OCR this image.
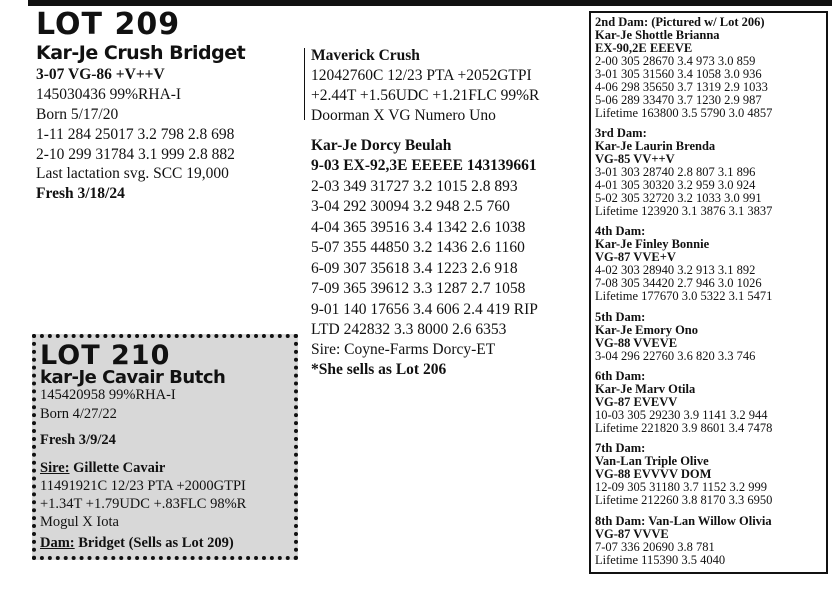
LOT 209
Kar-Je Crush Bridget
3-07 VG-86 +V++V
145030436 99%RHA-I
Born 5/17/20
1-11 284 25017 3.2 798 2.8 698
2-10 299 31784 3.1 999 2.8 882
Last lactation svg. SCC 19,000
Fresh 3/18/24
Maverick Crush
12042760C 12/23 PTA +2052GTPI
+2.44T +1.56UDC +1.21FLC 99%R
Doorman X VG Numero Uno
Kar-Je Dorcy Beulah
9-03 EX-92,3E EEEEE 143139661
2-03 349 31727 3.2 1015 2.8 893
3-04 292 30094 3.2 948 2.5 760
4-04 365 39516 3.4 1342 2.6 1038
5-07 355 44850 3.2 1436 2.6 1160
6-09 307 35618 3.4 1223 2.6 918
7-09 365 39612 3.3 1287 2.7 1058
9-01 140 17656 3.4 606 2.4 419 RIP
LTD 242832 3.3 8000 2.6 6353
Sire: Coyne-Farms Dorcy-ET
*She sells as Lot 206
LOT 210
kar-Je Cavair Butch
145420958 99%RHA-I
Born 4/27/22
Fresh 3/9/24
Sire: Gillette Cavair
11491921C 12/23 PTA +2000GTPI
+1.34T +1.79UDC +.83FLC 98%R
Mogul X Iota
Dam: Bridget (Sells as Lot 209)
2nd Dam: (Pictured w/ Lot 206)
Kar-Je Shottle Brianna
EX-90,2E EEEVE
2-00 305 28670 3.4 973 3.0 859
3-01 305 31560 3.4 1058 3.0 936
4-06 298 35650 3.7 1319 2.9 1033
5-06 289 33470 3.7 1230 2.9 987
Lifetime 163800 3.5 5790 3.0 4857
3rd Dam:
Kar-Je Laurin Brenda
VG-85 VV++V
3-01 303 28740 2.8 807 3.1 896
4-01 305 30320 3.2 959 3.0 924
5-02 305 32720 3.2 1033 3.0 991
Lifetime 123920 3.1 3876 3.1 3837
4th Dam:
Kar-Je Finley Bonnie
VG-87 VVE+V
4-02 303 28940 3.2 913 3.1 892
7-08 305 34420 2.7 946 3.0 1026
Lifetime 177670 3.0 5322 3.1 5471
5th Dam:
Kar-Je Emory Ono
VG-88 VVEVE
3-04 296 22760 3.6 820 3.3 746
6th Dam:
Kar-Je Marv Otila
VG-87 EVEVV
10-03 305 29230 3.9 1141 3.2 944
Lifetime 221820 3.9 8601 3.4 7478
7th Dam:
Van-Lan Triple Olive
VG-88 EVVVV DOM
12-09 305 31180 3.7 1152 3.2 999
Lifetime 212260 3.8 8170 3.3 6950
8th Dam: Van-Lan Willow Olivia
VG-87 VVVE
7-07 336 20690 3.8 781
Lifetime 115390 3.5 4040
